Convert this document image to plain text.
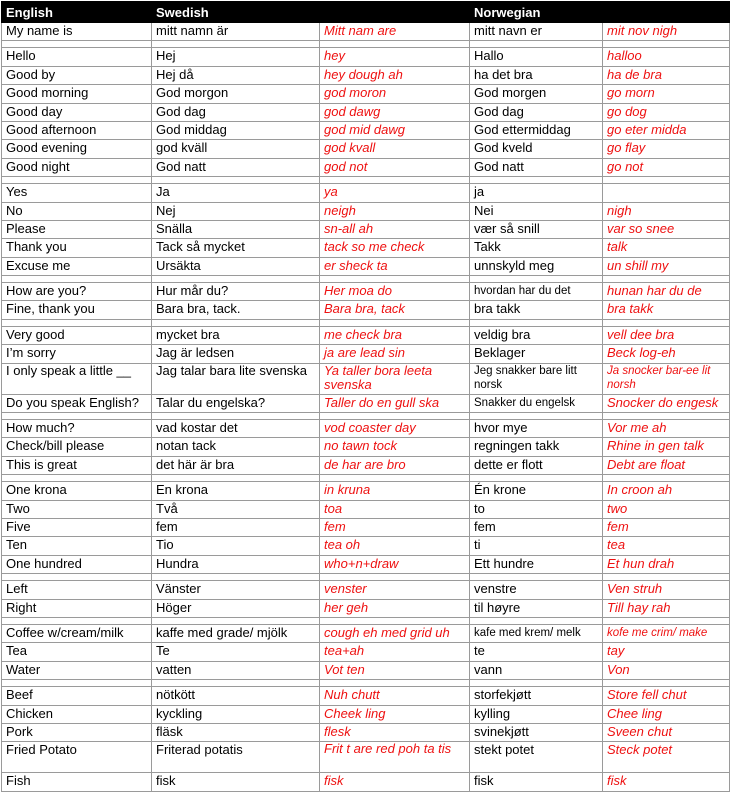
English	Swedish		Norwegian	
My name is	mitt namn är	Mitt nam are	mitt navn er	mit nov nigh

Hello	Hej	hey	Hallo	halloo
Good by	Hej då	hey dough ah	ha det bra	ha de bra
Good morning	God morgon	god moron	God morgen	go morn
Good day	God dag	god dawg	God dag	go dog
Good afternoon	God middag	god mid dawg	God ettermiddag	go eter midda
Good evening	god kväll	god kvall	God kveld	go flay
Good night	God natt	god not	God natt	go not

Yes	Ja	ya	ja	
No	Nej	neigh	Nei	nigh
Please	Snälla	sn-all ah	vær så snill	var so snee
Thank you	Tack så mycket	tack so me check	Takk	talk
Excuse me	Ursäkta	er sheck ta	unnskyld meg	un shill my

How are you?	Hur mår du?	Her moa do	hvordan har du det	hunan har du de
Fine, thank you	Bara bra, tack.	Bara bra, tack	bra takk	bra takk

Very good	mycket bra	me check bra	veldig bra	vell dee bra
I’m sorry	Jag är ledsen	ja are lead sin	Beklager	Beck log-eh
I only speak a little __	Jag talar bara lite svenska	Ya taller bora leeta svenska	Jeg snakker bare litt norsk	Ja snocker bar-ee lit norsh
Do you speak English?	Talar du engelska?	Taller do en gull ska	Snakker du engelsk	Snocker do engesk

How much?	vad kostar det	vod coaster day	hvor mye	Vor me ah
Check/bill please	notan tack	no tawn tock	regningen takk	Rhine in gen talk
This is great	det här är bra	de har are bro	dette er flott	Debt are float

One krona	En krona	in kruna	Én krone	In croon ah
Two	Två	toa	to	two
Five	fem	fem	fem	fem
Ten	Tio	tea oh	ti	tea
One hundred	Hundra	who+n+draw	Ett hundre	Et hun drah

Left	Vänster	venster	venstre	Ven struh
Right	Höger	her geh	til høyre	Till hay rah

Coffee w/cream/milk	kaffe med grade/ mjölk	cough eh med grid uh	kafe med krem/ melk	kofe me crim/ make
Tea	Te	tea+ah	te	tay
Water	vatten	Vot ten	vann	Von

Beef	nötkött	Nuh chutt	storfekjøtt	Store fell chut
Chicken	kyckling	Cheek ling	kylling	Chee ling
Pork	fläsk	flesk	svinekjøtt	Sveen chut
Fried Potato	Friterad potatis	Frit t are red poh ta tis	stekt potet	Steck potet
Fish	fisk	fisk	fisk	fisk
